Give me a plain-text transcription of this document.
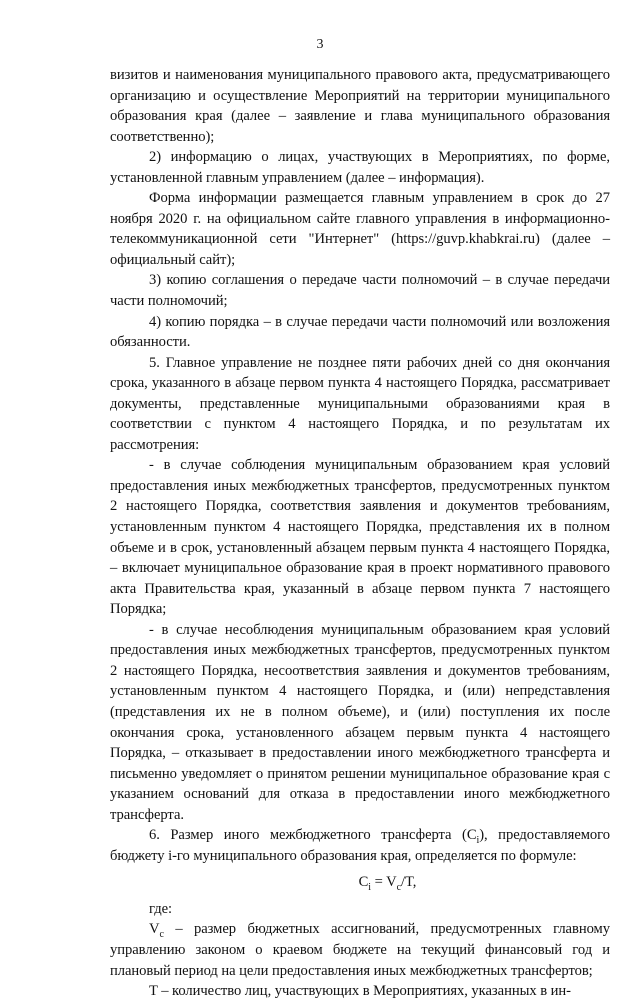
3

визитов и наименования муниципального правового акта, предусматривающего организацию и осуществление Мероприятий на территории муниципального образования края (далее – заявление и глава муниципального образования соответственно);

2) информацию о лицах, участвующих в Мероприятиях, по форме, установленной главным управлением (далее – информация).

Форма информации размещается главным управлением в срок до 27 ноября 2020 г. на официальном сайте главного управления в информационно-телекоммуникационной сети "Интернет" (https://guvp.khabkrai.ru) (далее – официальный сайт);

3) копию соглашения о передаче части полномочий – в случае передачи части полномочий;

4) копию порядка – в случае передачи части полномочий или возложения обязанности.

5. Главное управление не позднее пяти рабочих дней со дня окончания срока, указанного в абзаце первом пункта 4 настоящего Порядка, рассматривает документы, представленные муниципальными образованиями края в соответствии с пунктом 4 настоящего Порядка, и по результатам их рассмотрения:

- в случае соблюдения муниципальным образованием края условий предоставления иных межбюджетных трансфертов, предусмотренных пунктом 2 настоящего Порядка, соответствия заявления и документов требованиям, установленным пунктом 4 настоящего Порядка, представления их в полном объеме и в срок, установленный абзацем первым пункта 4 настоящего Порядка, – включает муниципальное образование края в проект нормативного правового акта Правительства края, указанный в абзаце первом пункта 7 настоящего Порядка;

- в случае несоблюдения муниципальным образованием края условий предоставления иных межбюджетных трансфертов, предусмотренных пунктом 2 настоящего Порядка, несоответствия заявления и документов требованиям, установленным пунктом 4 настоящего Порядка, и (или) непредставления (представления их не в полном объеме), и (или) поступления их после окончания срока, установленного абзацем первым пункта 4 настоящего Порядка, – отказывает в предоставлении иного межбюджетного трансферта и письменно уведомляет о принятом решении муниципальное образование края с указанием оснований для отказа в предоставлении иного межбюджетного трансферта.

6. Размер иного межбюджетного трансферта $(C_i)$, предоставляемого бюджету i-го муниципального образования края, определяется по формуле:

$C_i = V_c/T$,

где:

$V_c$ – размер бюджетных ассигнований, предусмотренных главному управлению законом о краевом бюджете на текущий финансовый год и плановый период на цели предоставления иных межбюджетных трансфертов;

T – количество лиц, участвующих в Мероприятиях, указанных в ин-
